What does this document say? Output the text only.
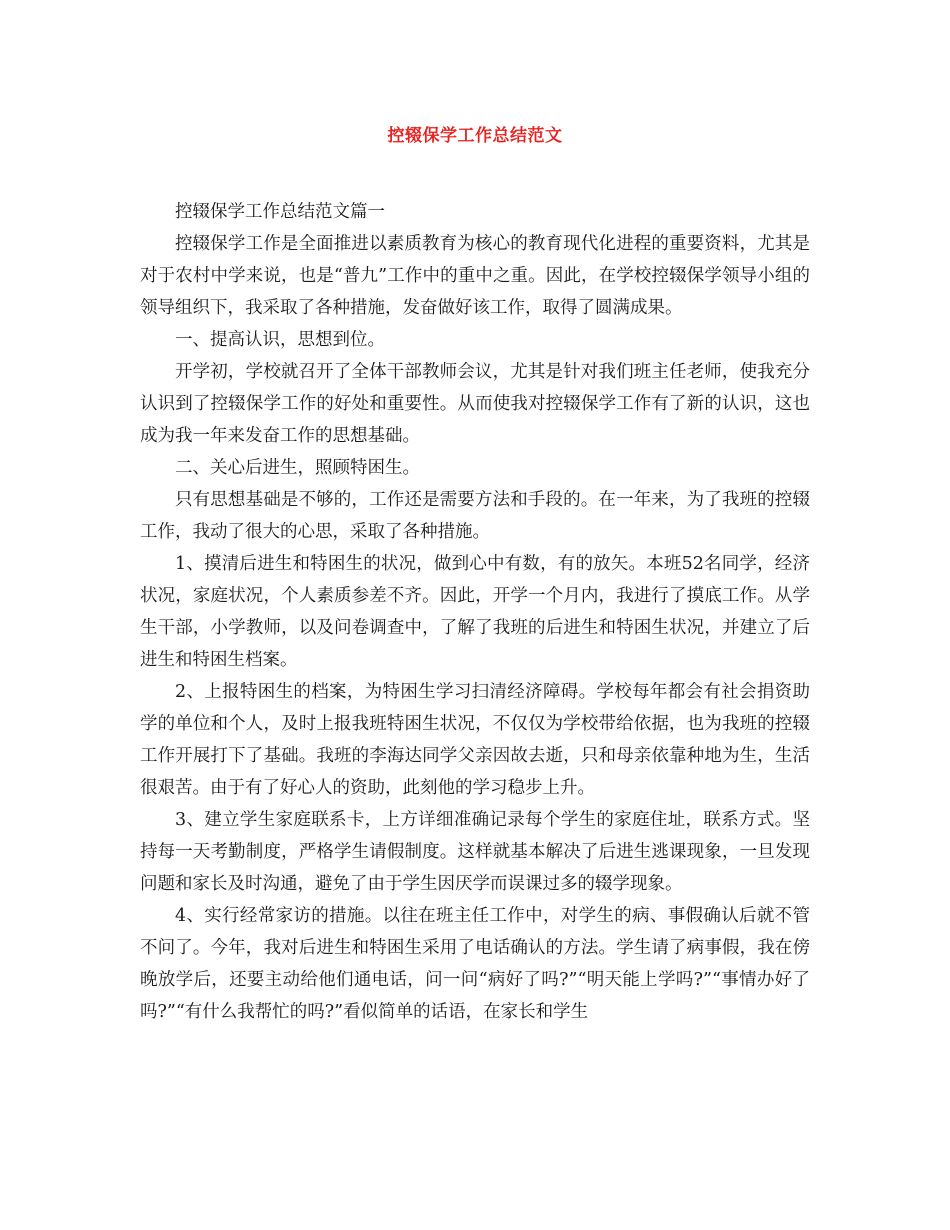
控辍保学工作总结范文

控辍保学工作总结范文篇一

控辍保学工作是全面推进以素质教育为核心的教育现代化进程的重要资料，尤其是对于农村中学来说，也是“普九”工作中的重中之重。因此，在学校控辍保学领导小组的领导组织下，我采取了各种措施，发奋做好该工作，取得了圆满成果。

一、提高认识，思想到位。

开学初，学校就召开了全体干部教师会议，尤其是针对我们班主任老师，使我充分认识到了控辍保学工作的好处和重要性。从而使我对控辍保学工作有了新的认识，这也成为我一年来发奋工作的思想基础。

二、关心后进生，照顾特困生。

只有思想基础是不够的，工作还是需要方法和手段的。在一年来，为了我班的控辍工作，我动了很大的心思，采取了各种措施。

1、摸清后进生和特困生的状况，做到心中有数，有的放矢。本班52名同学，经济状况，家庭状况，个人素质参差不齐。因此，开学一个月内，我进行了摸底工作。从学生干部，小学教师，以及问卷调查中，了解了我班的后进生和特困生状况，并建立了后进生和特困生档案。

2、上报特困生的档案，为特困生学习扫清经济障碍。学校每年都会有社会捐资助学的单位和个人，及时上报我班特困生状况，不仅仅为学校带给依据，也为我班的控辍工作开展打下了基础。我班的李海达同学父亲因故去逝，只和母亲依靠种地为生，生活很艰苦。由于有了好心人的资助，此刻他的学习稳步上升。

3、建立学生家庭联系卡，上方详细准确记录每个学生的家庭住址，联系方式。坚持每一天考勤制度，严格学生请假制度。这样就基本解决了后进生逃课现象，一旦发现问题和家长及时沟通，避免了由于学生因厌学而误课过多的辍学现象。

4、实行经常家访的措施。以往在班主任工作中，对学生的病、事假确认后就不管不问了。今年，我对后进生和特困生采用了电话确认的方法。学生请了病事假，我在傍晚放学后，还要主动给他们通电话，问一问“病好了吗?”“明天能上学吗?”“事情办好了吗?”“有什么我帮忙的吗?”看似简单的话语，在家长和学生
